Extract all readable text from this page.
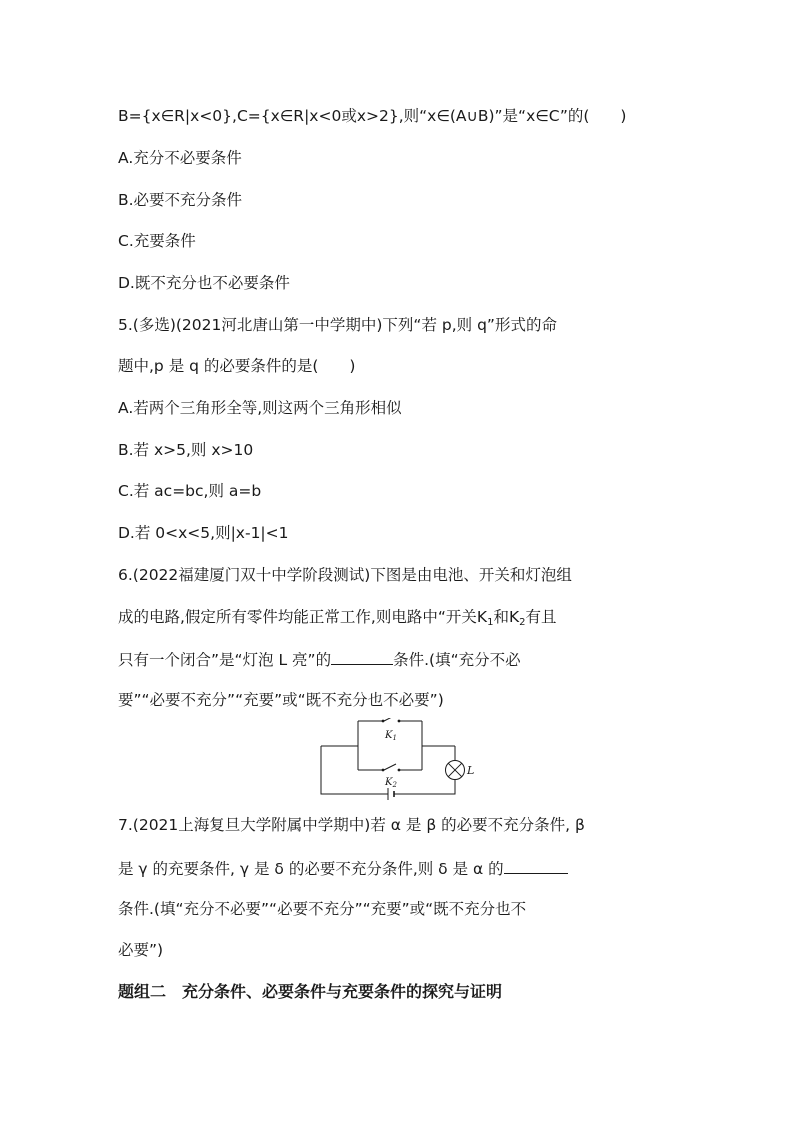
B={x∈R|x<0},C={x∈R|x<0或x>2},则“x∈(A∪B)”是“x∈C”的(　　)
A.充分不必要条件
B.必要不充分条件
C.充要条件
D.既不充分也不必要条件
5.(多选)(2021河北唐山第一中学期中)下列“若 p,则 q”形式的命
题中,p 是 q 的必要条件的是(　　)
A.若两个三角形全等,则这两个三角形相似
B.若 x>5,则 x>10
C.若 ac=bc,则 a=b
D.若 0<x<5,则|x-1|<1
6.(2022福建厦门双十中学阶段测试)下图是由电池、开关和灯泡组
成的电路,假定所有零件均能正常工作,则电路中“开关$K_1$和$K_2$有且
只有一个闭合”是“灯泡 L 亮”的	条件.(填“充分不必
要”“必要不充分”“充要”或“既不充分也不必要”)
$K_1$
$K_2$
L
7.(2021上海复旦大学附属中学期中)若 α 是 β 的必要不充分条件, β
是 γ 的充要条件, γ 是 δ 的必要不充分条件,则 δ 是 α 的
条件.(填“充分不必要”“必要不充分”“充要”或“既不充分也不
必要”)
题组二　充分条件、必要条件与充要条件的探究与证明
